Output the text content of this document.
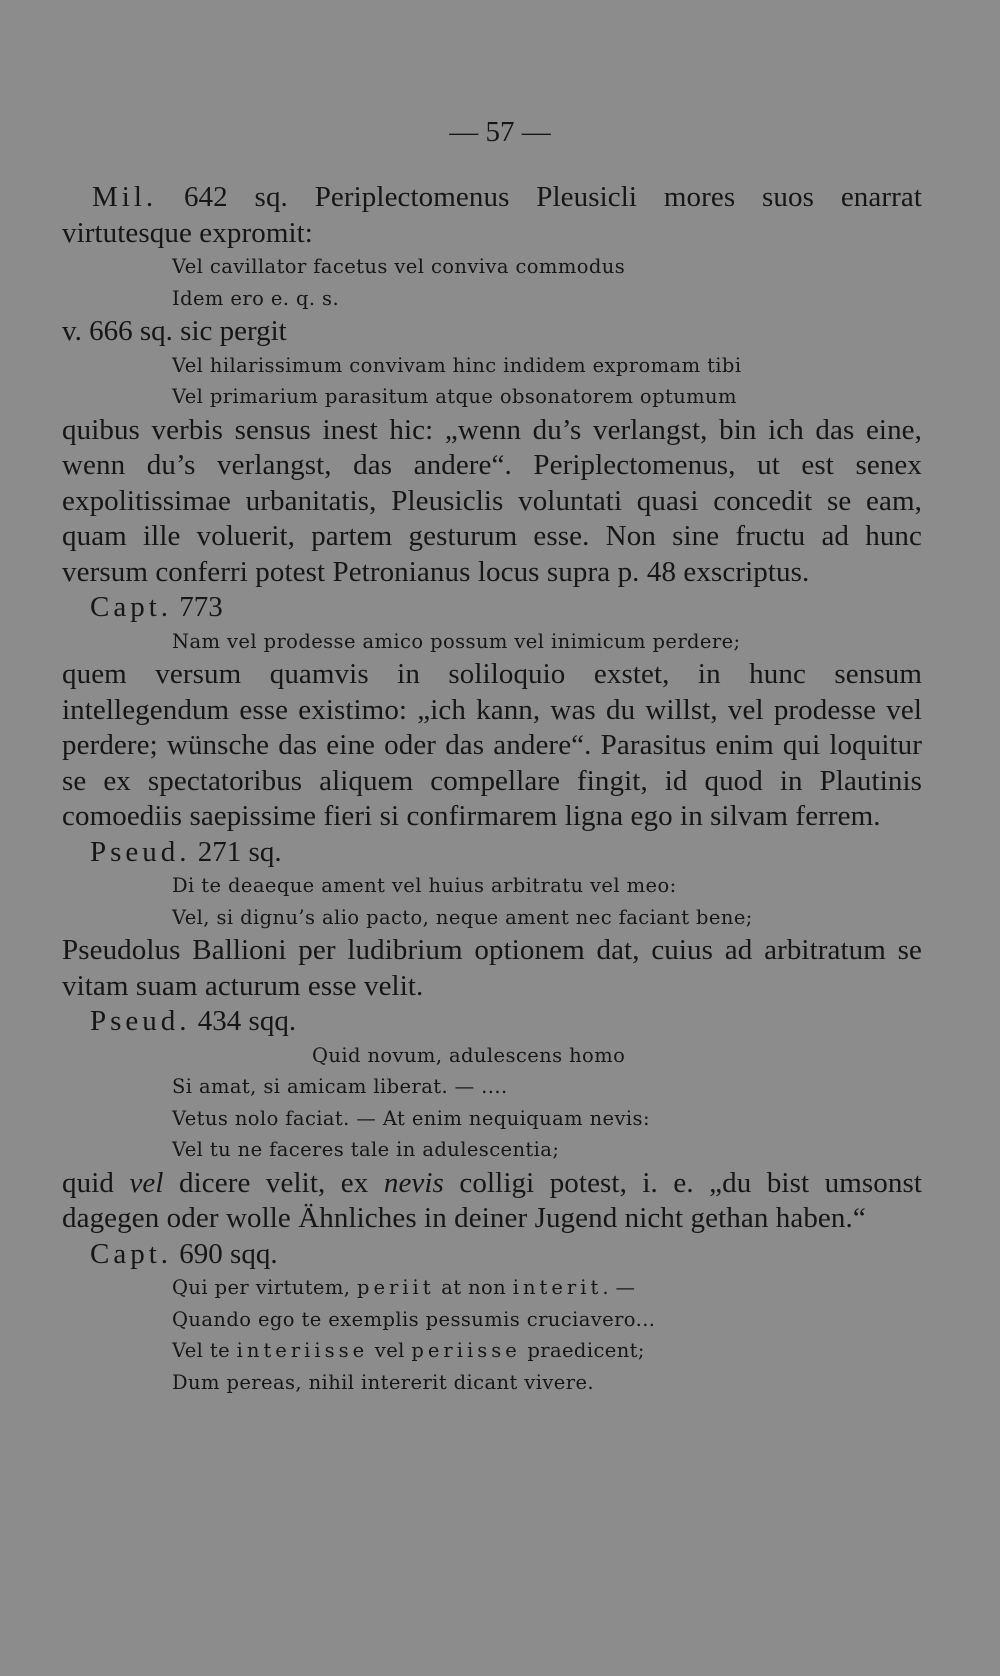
— 57 —

Mil. 642 sq. Periplectomenus Pleusicli mores suos enarrat virtutesque expromit:

Vel cavillator facetus vel conviva commodus

Idem ero e. q. s.

v. 666 sq. sic pergit

Vel hilarissimum convivam hinc indidem expromam tibi

Vel primarium parasitum atque obsonatorem optumum

quibus verbis sensus inest hic: „wenn du’s verlangst, bin ich das eine, wenn du’s verlangst, das andere“. Periplectomenus, ut est senex expolitissimae urbanitatis, Pleusiclis voluntati quasi concedit se eam, quam ille voluerit, partem gesturum esse. Non sine fructu ad hunc versum conferri potest Petronianus locus supra p. 48 exscriptus.

Capt. 773

Nam vel prodesse amico possum vel inimicum perdere;

quem versum quamvis in soliloquio exstet, in hunc sensum intellegendum esse existimo: „ich kann, was du willst, vel prodesse vel perdere; wünsche das eine oder das andere“. Parasitus enim qui loquitur se ex spectatoribus aliquem compellare fingit, id quod in Plautinis comoediis saepissime fieri si confirmarem ligna ego in silvam ferrem.

Pseud. 271 sq.

Di te deaeque ament vel huius arbitratu vel meo:

Vel, si dignu’s alio pacto, neque ament nec faciant bene;

Pseudolus Ballioni per ludibrium optionem dat, cuius ad arbitratum se vitam suam acturum esse velit.

Pseud. 434 sqq.

Quid novum, adulescens homo

Si amat, si amicam liberat. — ....

Vetus nolo faciat. — At enim nequiquam nevis:

Vel tu ne faceres tale in adulescentia;

quid vel dicere velit, ex nevis colligi potest, i. e. „du bist umsonst dagegen oder wolle Ähnliches in deiner Jugend nicht gethan haben.“

Capt. 690 sqq.

Qui per virtutem, periit at non interit. —

Quando ego te exemplis pessumis cruciavero...

Vel te interiisse vel periisse praedicent;

Dum pereas, nihil intererit dicant vivere.
